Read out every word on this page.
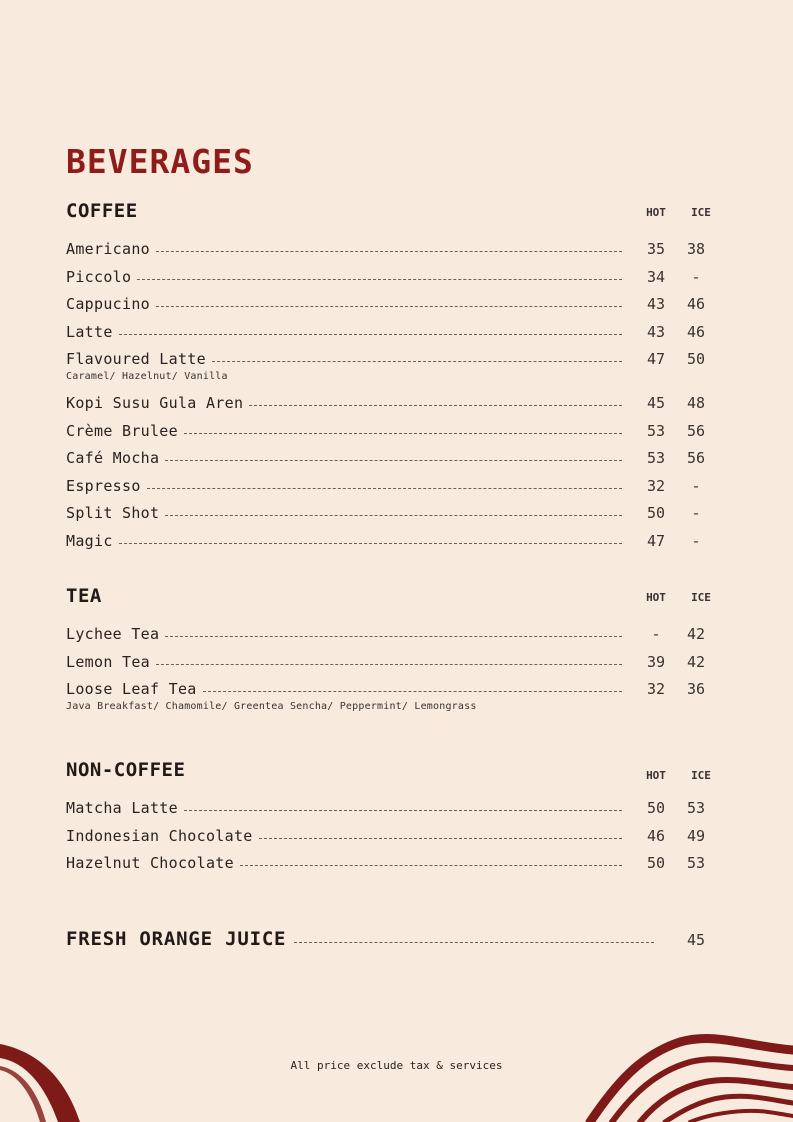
BEVERAGES
COFFEE	HOT	ICE
Americano	35	38
Piccolo	34	-
Cappucino	43	46
Latte	43	46
Flavoured Latte	47	50
Caramel/ Hazelnut/ Vanilla
Kopi Susu Gula Aren	45	48
Crème Brulee	53	56
Café Mocha	53	56
Espresso	32	-
Split Shot	50	-
Magic	47	-
TEA	HOT	ICE
Lychee Tea	-	42
Lemon Tea	39	42
Loose Leaf Tea	32	36
Java Breakfast/ Chamomile/ Greentea Sencha/ Peppermint/ Lemongrass
NON-COFFEE	HOT	ICE
Matcha Latte	50	53
Indonesian Chocolate	46	49
Hazelnut Chocolate	50	53
FRESH ORANGE JUICE	45
All price exclude tax & services
